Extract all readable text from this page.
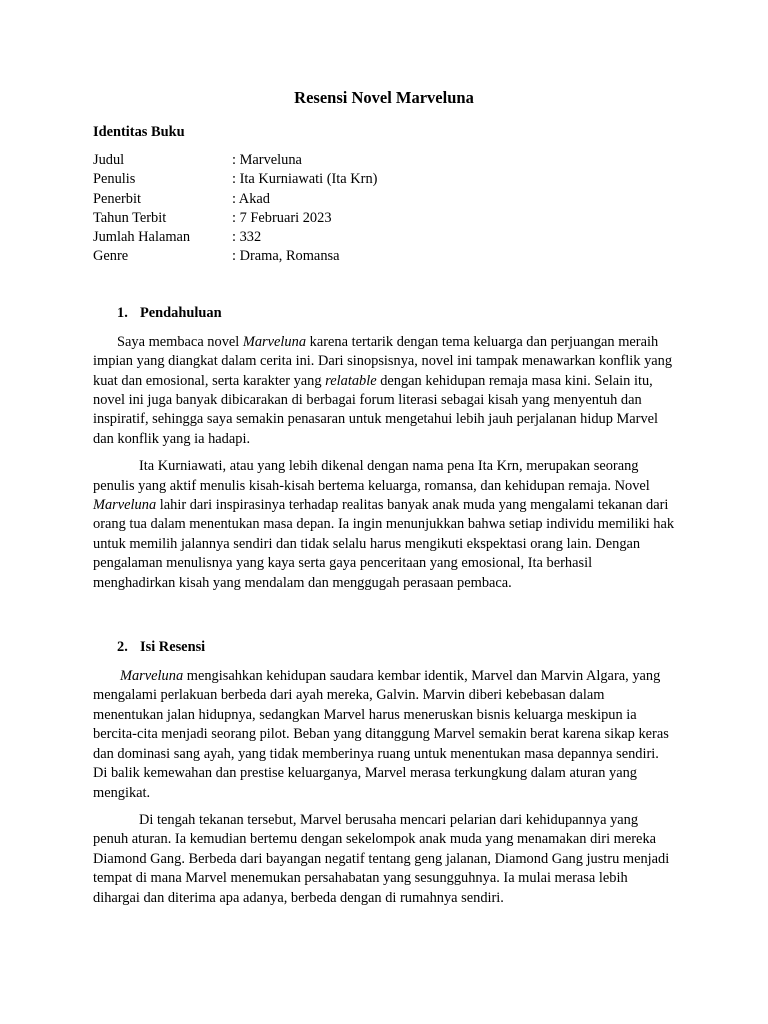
Resensi Novel Marveluna
Identitas Buku
Judul	: Marveluna
Penulis	: Ita Kurniawati (Ita Krn)
Penerbit	: Akad
Tahun Terbit	: 7 Februari 2023
Jumlah Halaman	: 332
Genre	: Drama, Romansa
1. Pendahuluan

Saya membaca novel Marveluna karena tertarik dengan tema keluarga dan perjuangan meraih impian yang diangkat dalam cerita ini. Dari sinopsisnya, novel ini tampak menawarkan konflik yang kuat dan emosional, serta karakter yang relatable dengan kehidupan remaja masa kini. Selain itu, novel ini juga banyak dibicarakan di berbagai forum literasi sebagai kisah yang menyentuh dan inspiratif, sehingga saya semakin penasaran untuk mengetahui lebih jauh perjalanan hidup Marvel dan konflik yang ia hadapi.

Ita Kurniawati, atau yang lebih dikenal dengan nama pena Ita Krn, merupakan seorang penulis yang aktif menulis kisah-kisah bertema keluarga, romansa, dan kehidupan remaja. Novel Marveluna lahir dari inspirasinya terhadap realitas banyak anak muda yang mengalami tekanan dari orang tua dalam menentukan masa depan. Ia ingin menunjukkan bahwa setiap individu memiliki hak untuk memilih jalannya sendiri dan tidak selalu harus mengikuti ekspektasi orang lain. Dengan pengalaman menulisnya yang kaya serta gaya penceritaan yang emosional, Ita berhasil menghadirkan kisah yang mendalam dan menggugah perasaan pembaca.

2. Isi Resensi

Marveluna mengisahkan kehidupan saudara kembar identik, Marvel dan Marvin Algara, yang mengalami perlakuan berbeda dari ayah mereka, Galvin. Marvin diberi kebebasan dalam menentukan jalan hidupnya, sedangkan Marvel harus meneruskan bisnis keluarga meskipun ia bercita-cita menjadi seorang pilot. Beban yang ditanggung Marvel semakin berat karena sikap keras dan dominasi sang ayah, yang tidak memberinya ruang untuk menentukan masa depannya sendiri. Di balik kemewahan dan prestise keluarganya, Marvel merasa terkungkung dalam aturan yang mengikat.

Di tengah tekanan tersebut, Marvel berusaha mencari pelarian dari kehidupannya yang penuh aturan. Ia kemudian bertemu dengan sekelompok anak muda yang menamakan diri mereka Diamond Gang. Berbeda dari bayangan negatif tentang geng jalanan, Diamond Gang justru menjadi tempat di mana Marvel menemukan persahabatan yang sesungguhnya. Ia mulai merasa lebih dihargai dan diterima apa adanya, berbeda dengan di rumahnya sendiri.
